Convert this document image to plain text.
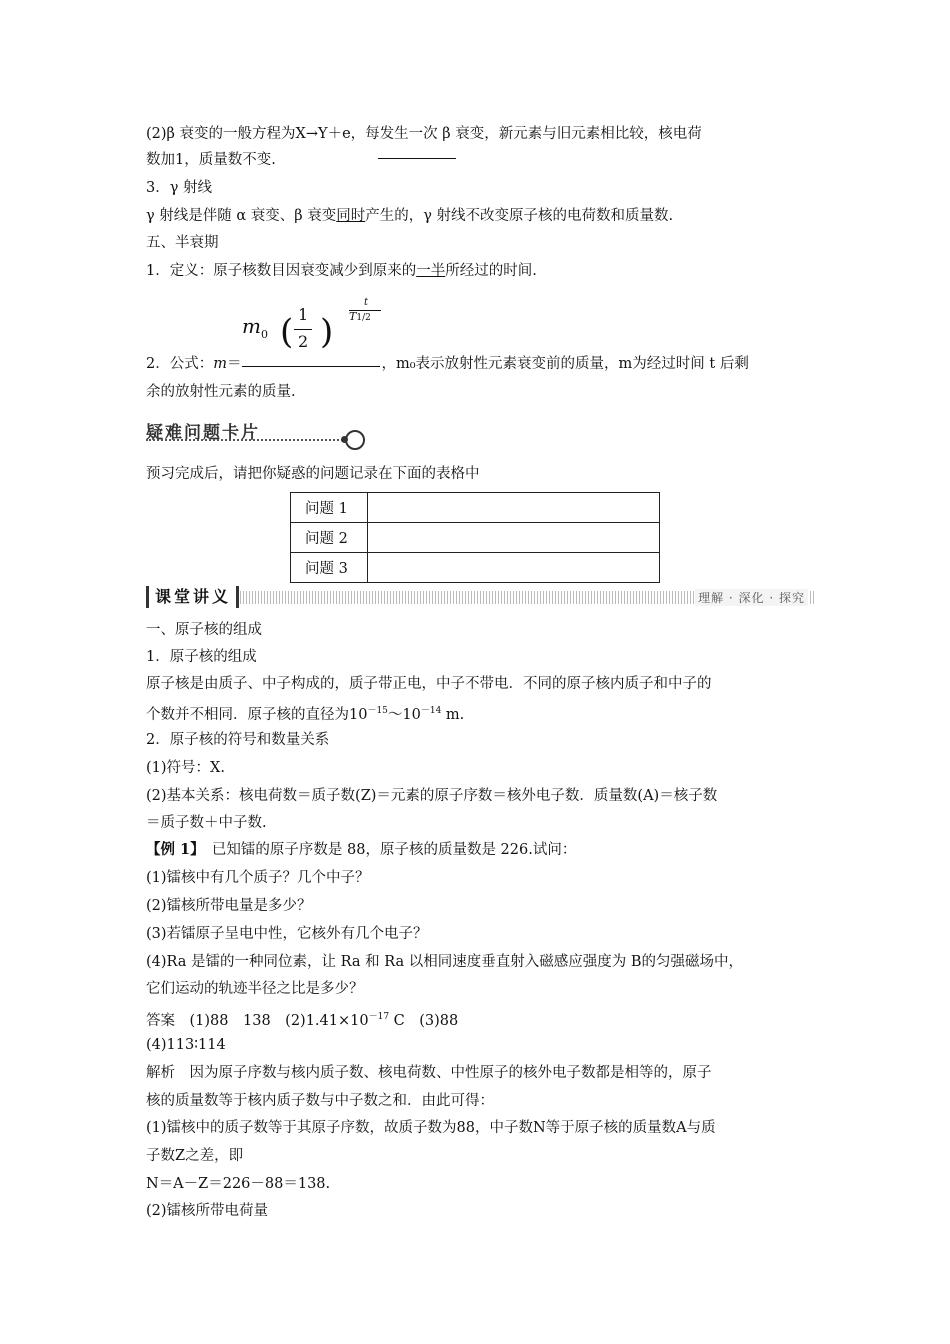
(2)β 衰变的一般方程为X→Y＋e，每发生一次 β 衰变，新元素与旧元素相比较，核电荷
数加1，质量数不变.
3．γ 射线
γ 射线是伴随 α 衰变、β 衰变同时产生的，γ 射线不改变原子核的电荷数和质量数.
五、半衰期
1．定义：原子核数目因衰变减少到原来的一半所经过的时间.
$m_0$ ( 1
2 )
t
T1/2
2．公式：m＝	，m₀表示放射性元素衰变前的质量，m为经过时间 t 后剩
余的放射性元素的质量.
疑难问题卡片
预习完成后，请把你疑惑的问题记录在下面的表格中
问题 1	
问题 2	
问题 3	
课堂讲义	理解 · 深化 · 探究
一、原子核的组成
1．原子核的组成
原子核是由质子、中子构成的，质子带正电，中子不带电．不同的原子核内质子和中子的
个数并不相同．原子核的直径为$10^{-15}\sim 10^{-14}$ m.
2．原子核的符号和数量关系
(1)符号：X.
(2)基本关系：核电荷数＝质子数(Z)＝元素的原子序数＝核外电子数．质量数(A)＝核子数
＝质子数＋中子数.
【例 1】　已知镭的原子序数是 88，原子核的质量数是 226.试问：
(1)镭核中有几个质子？几个中子？
(2)镭核所带电量是多少？
(3)若镭原子呈电中性，它核外有几个电子？
(4)Ra 是镭的一种同位素，让 Ra 和 Ra 以相同速度垂直射入磁感应强度为 B的匀强磁场中，
它们运动的轨迹半径之比是多少？
答案　(1)88　138　$(2)1.41\times 10^{-17}$ C　(3)88
(4)113∶114
解析　因为原子序数与核内质子数、核电荷数、中性原子的核外电子数都是相等的，原子
核的质量数等于核内质子数与中子数之和．由此可得：
(1)镭核中的质子数等于其原子序数，故质子数为88，中子数N等于原子核的质量数A与质
子数Z之差，即
N＝A－Z＝226－88＝138.
(2)镭核所带电荷量
